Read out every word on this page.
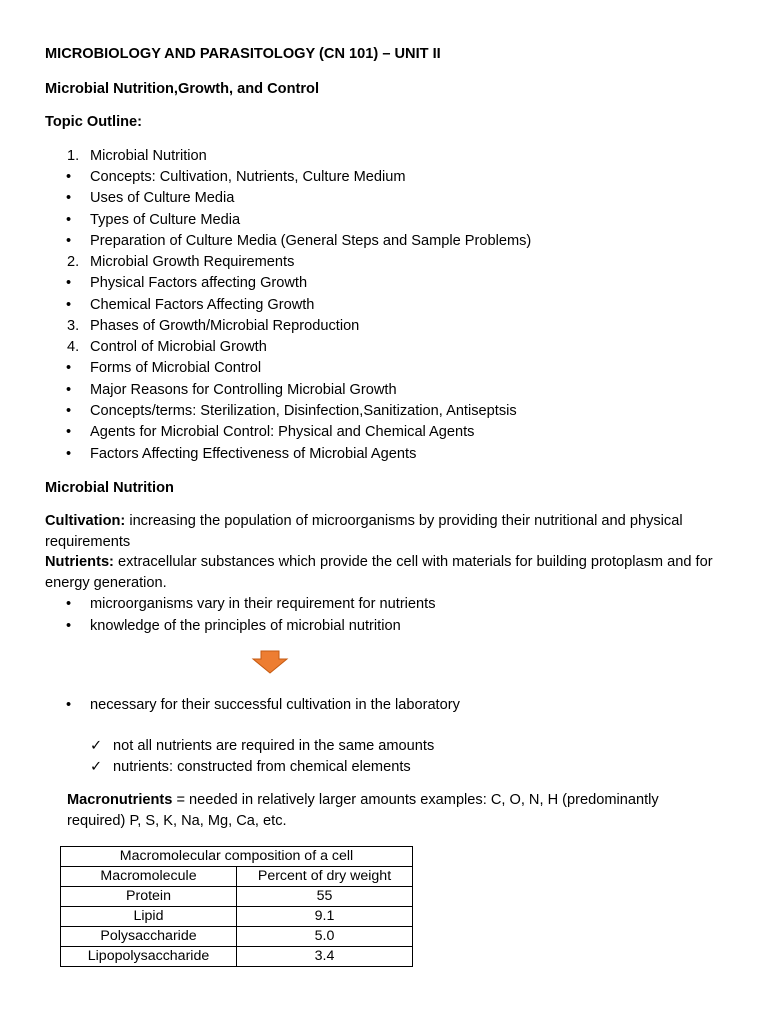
MICROBIOLOGY AND PARASITOLOGY (CN 101) – UNIT II
Microbial Nutrition,Growth, and Control
Topic Outline:
1. Microbial Nutrition
•	Concepts: Cultivation, Nutrients, Culture Medium
•	Uses of Culture Media
•	Types of Culture Media
•	Preparation of Culture Media (General Steps and Sample Problems)
2. Microbial Growth Requirements
•	Physical Factors affecting Growth
•	Chemical Factors Affecting Growth
3. Phases of Growth/Microbial Reproduction
4. Control of Microbial Growth
•	Forms of Microbial Control
•	Major Reasons for Controlling Microbial Growth
•	Concepts/terms: Sterilization, Disinfection,Sanitization, Antiseptsis
•	Agents for Microbial Control: Physical and Chemical Agents
•	Factors Affecting Effectiveness of Microbial Agents
Microbial Nutrition
Cultivation: increasing the population of microorganisms by providing their nutritional and physical requirements
Nutrients: extracellular substances which provide the cell with materials for building protoplasm and for energy generation.
•	microorganisms vary in their requirement for nutrients
•	knowledge of the principles of microbial nutrition
•	necessary for their successful cultivation in the laboratory
✓ not all nutrients are required in the same amounts
✓ nutrients: constructed from chemical elements
Macronutrients = needed in relatively larger amounts examples: C, O, N, H (predominantly required) P, S, K, Na, Mg, Ca, etc.
Macromolecular composition of a cell	
Macromolecule	Percent of dry weight
Protein	55
Lipid	9.1
Polysaccharide	5.0
Lipopolysaccharide	3.4
